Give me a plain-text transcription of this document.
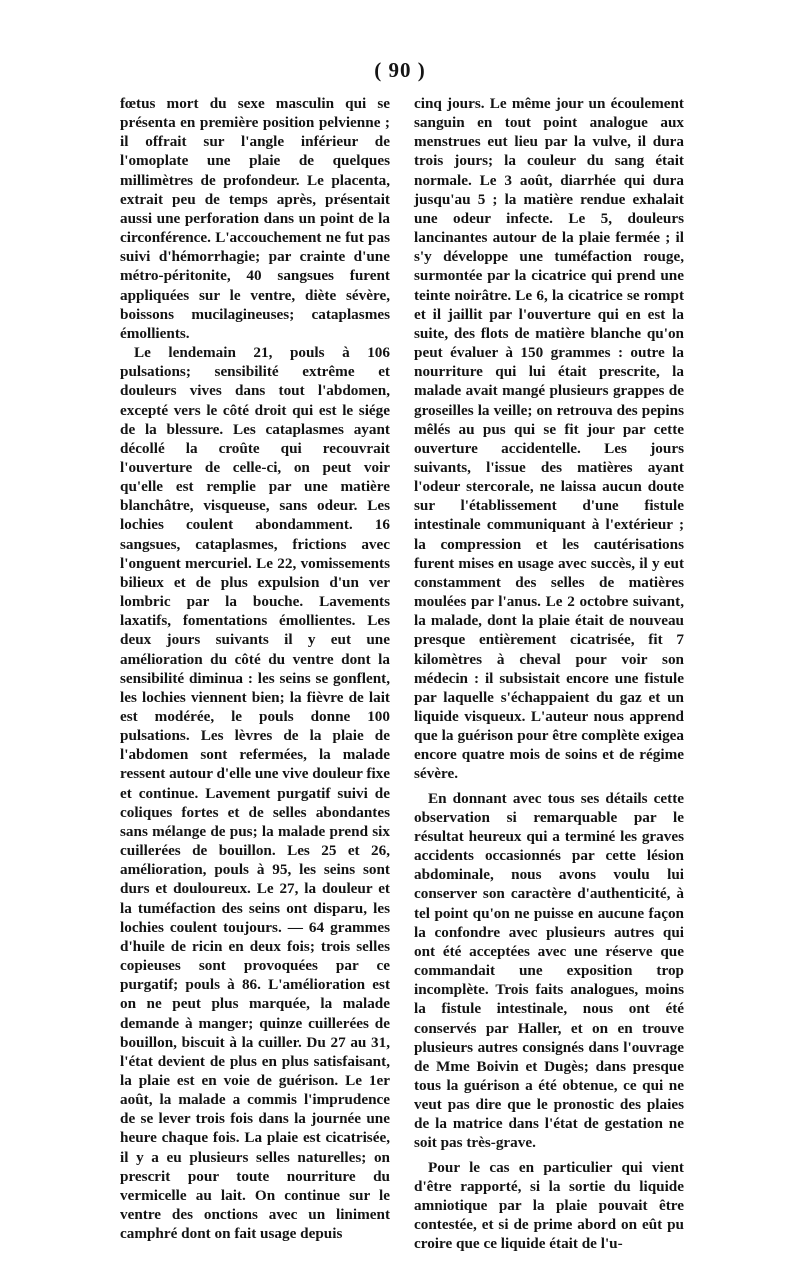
( 90 )

fœtus mort du sexe masculin qui se présenta en première position pelvienne ; il offrait sur l'angle inférieur de l'omoplate une plaie de quelques millimètres de profondeur. Le placenta, extrait peu de temps après, présentait aussi une perforation dans un point de la circonférence. L'accouchement ne fut pas suivi d'hémorrhagie; par crainte d'une métro-péritonite, 40 sangsues furent appliquées sur le ventre, diète sévère, boissons mucilagineuses; cataplasmes émollients.

Le lendemain 21, pouls à 106 pulsations; sensibilité extrême et douleurs vives dans tout l'abdomen, excepté vers le côté droit qui est le siége de la blessure. Les cataplasmes ayant décollé la croûte qui recouvrait l'ouverture de celle-ci, on peut voir qu'elle est remplie par une matière blanchâtre, visqueuse, sans odeur. Les lochies coulent abondamment. 16 sangsues, cataplasmes, frictions avec l'onguent mercuriel. Le 22, vomissements bilieux et de plus expulsion d'un ver lombric par la bouche. Lavements laxatifs, fomentations émollientes. Les deux jours suivants il y eut une amélioration du côté du ventre dont la sensibilité diminua : les seins se gonflent, les lochies viennent bien; la fièvre de lait est modérée, le pouls donne 100 pulsations. Les lèvres de la plaie de l'abdomen sont refermées, la malade ressent autour d'elle une vive douleur fixe et continue. Lavement purgatif suivi de coliques fortes et de selles abondantes sans mélange de pus; la malade prend six cuillerées de bouillon. Les 25 et 26, amélioration, pouls à 95, les seins sont durs et douloureux. Le 27, la douleur et la tuméfaction des seins ont disparu, les lochies coulent toujours. — 64 grammes d'huile de ricin en deux fois; trois selles copieuses sont provoquées par ce purgatif; pouls à 86. L'amélioration est on ne peut plus marquée, la malade demande à manger; quinze cuillerées de bouillon, biscuit à la cuiller. Du 27 au 31, l'état devient de plus en plus satisfaisant, la plaie est en voie de guérison. Le 1er août, la malade a commis l'imprudence de se lever trois fois dans la journée une heure chaque fois. La plaie est cicatrisée, il y a eu plusieurs selles naturelles; on prescrit pour toute nourriture du vermicelle au lait. On continue sur le ventre des onctions avec un liniment camphré dont on fait usage depuis

cinq jours. Le même jour un écoulement sanguin en tout point analogue aux menstrues eut lieu par la vulve, il dura trois jours; la couleur du sang était normale. Le 3 août, diarrhée qui dura jusqu'au 5 ; la matière rendue exhalait une odeur infecte. Le 5, douleurs lancinantes autour de la plaie fermée ; il s'y développe une tuméfaction rouge, surmontée par la cicatrice qui prend une teinte noirâtre. Le 6, la cicatrice se rompt et il jaillit par l'ouverture qui en est la suite, des flots de matière blanche qu'on peut évaluer à 150 grammes : outre la nourriture qui lui était prescrite, la malade avait mangé plusieurs grappes de groseilles la veille; on retrouva des pepins mêlés au pus qui se fit jour par cette ouverture accidentelle. Les jours suivants, l'issue des matières ayant l'odeur stercorale, ne laissa aucun doute sur l'établissement d'une fistule intestinale communiquant à l'extérieur ; la compression et les cautérisations furent mises en usage avec succès, il y eut constamment des selles de matières moulées par l'anus. Le 2 octobre suivant, la malade, dont la plaie était de nouveau presque entièrement cicatrisée, fit 7 kilomètres à cheval pour voir son médecin : il subsistait encore une fistule par laquelle s'échappaient du gaz et un liquide visqueux. L'auteur nous apprend que la guérison pour être complète exigea encore quatre mois de soins et de régime sévère.

En donnant avec tous ses détails cette observation si remarquable par le résultat heureux qui a terminé les graves accidents occasionnés par cette lésion abdominale, nous avons voulu lui conserver son caractère d'authenticité, à tel point qu'on ne puisse en aucune façon la confondre avec plusieurs autres qui ont été acceptées avec une réserve que commandait une exposition trop incomplète. Trois faits analogues, moins la fistule intestinale, nous ont été conservés par Haller, et on en trouve plusieurs autres consignés dans l'ouvrage de Mme Boivin et Dugès; dans presque tous la guérison a été obtenue, ce qui ne veut pas dire que le pronostic des plaies de la matrice dans l'état de gestation ne soit pas très-grave.

Pour le cas en particulier qui vient d'être rapporté, si la sortie du liquide amniotique par la plaie pouvait être contestée, et si de prime abord on eût pu croire que ce liquide était de l'u-
